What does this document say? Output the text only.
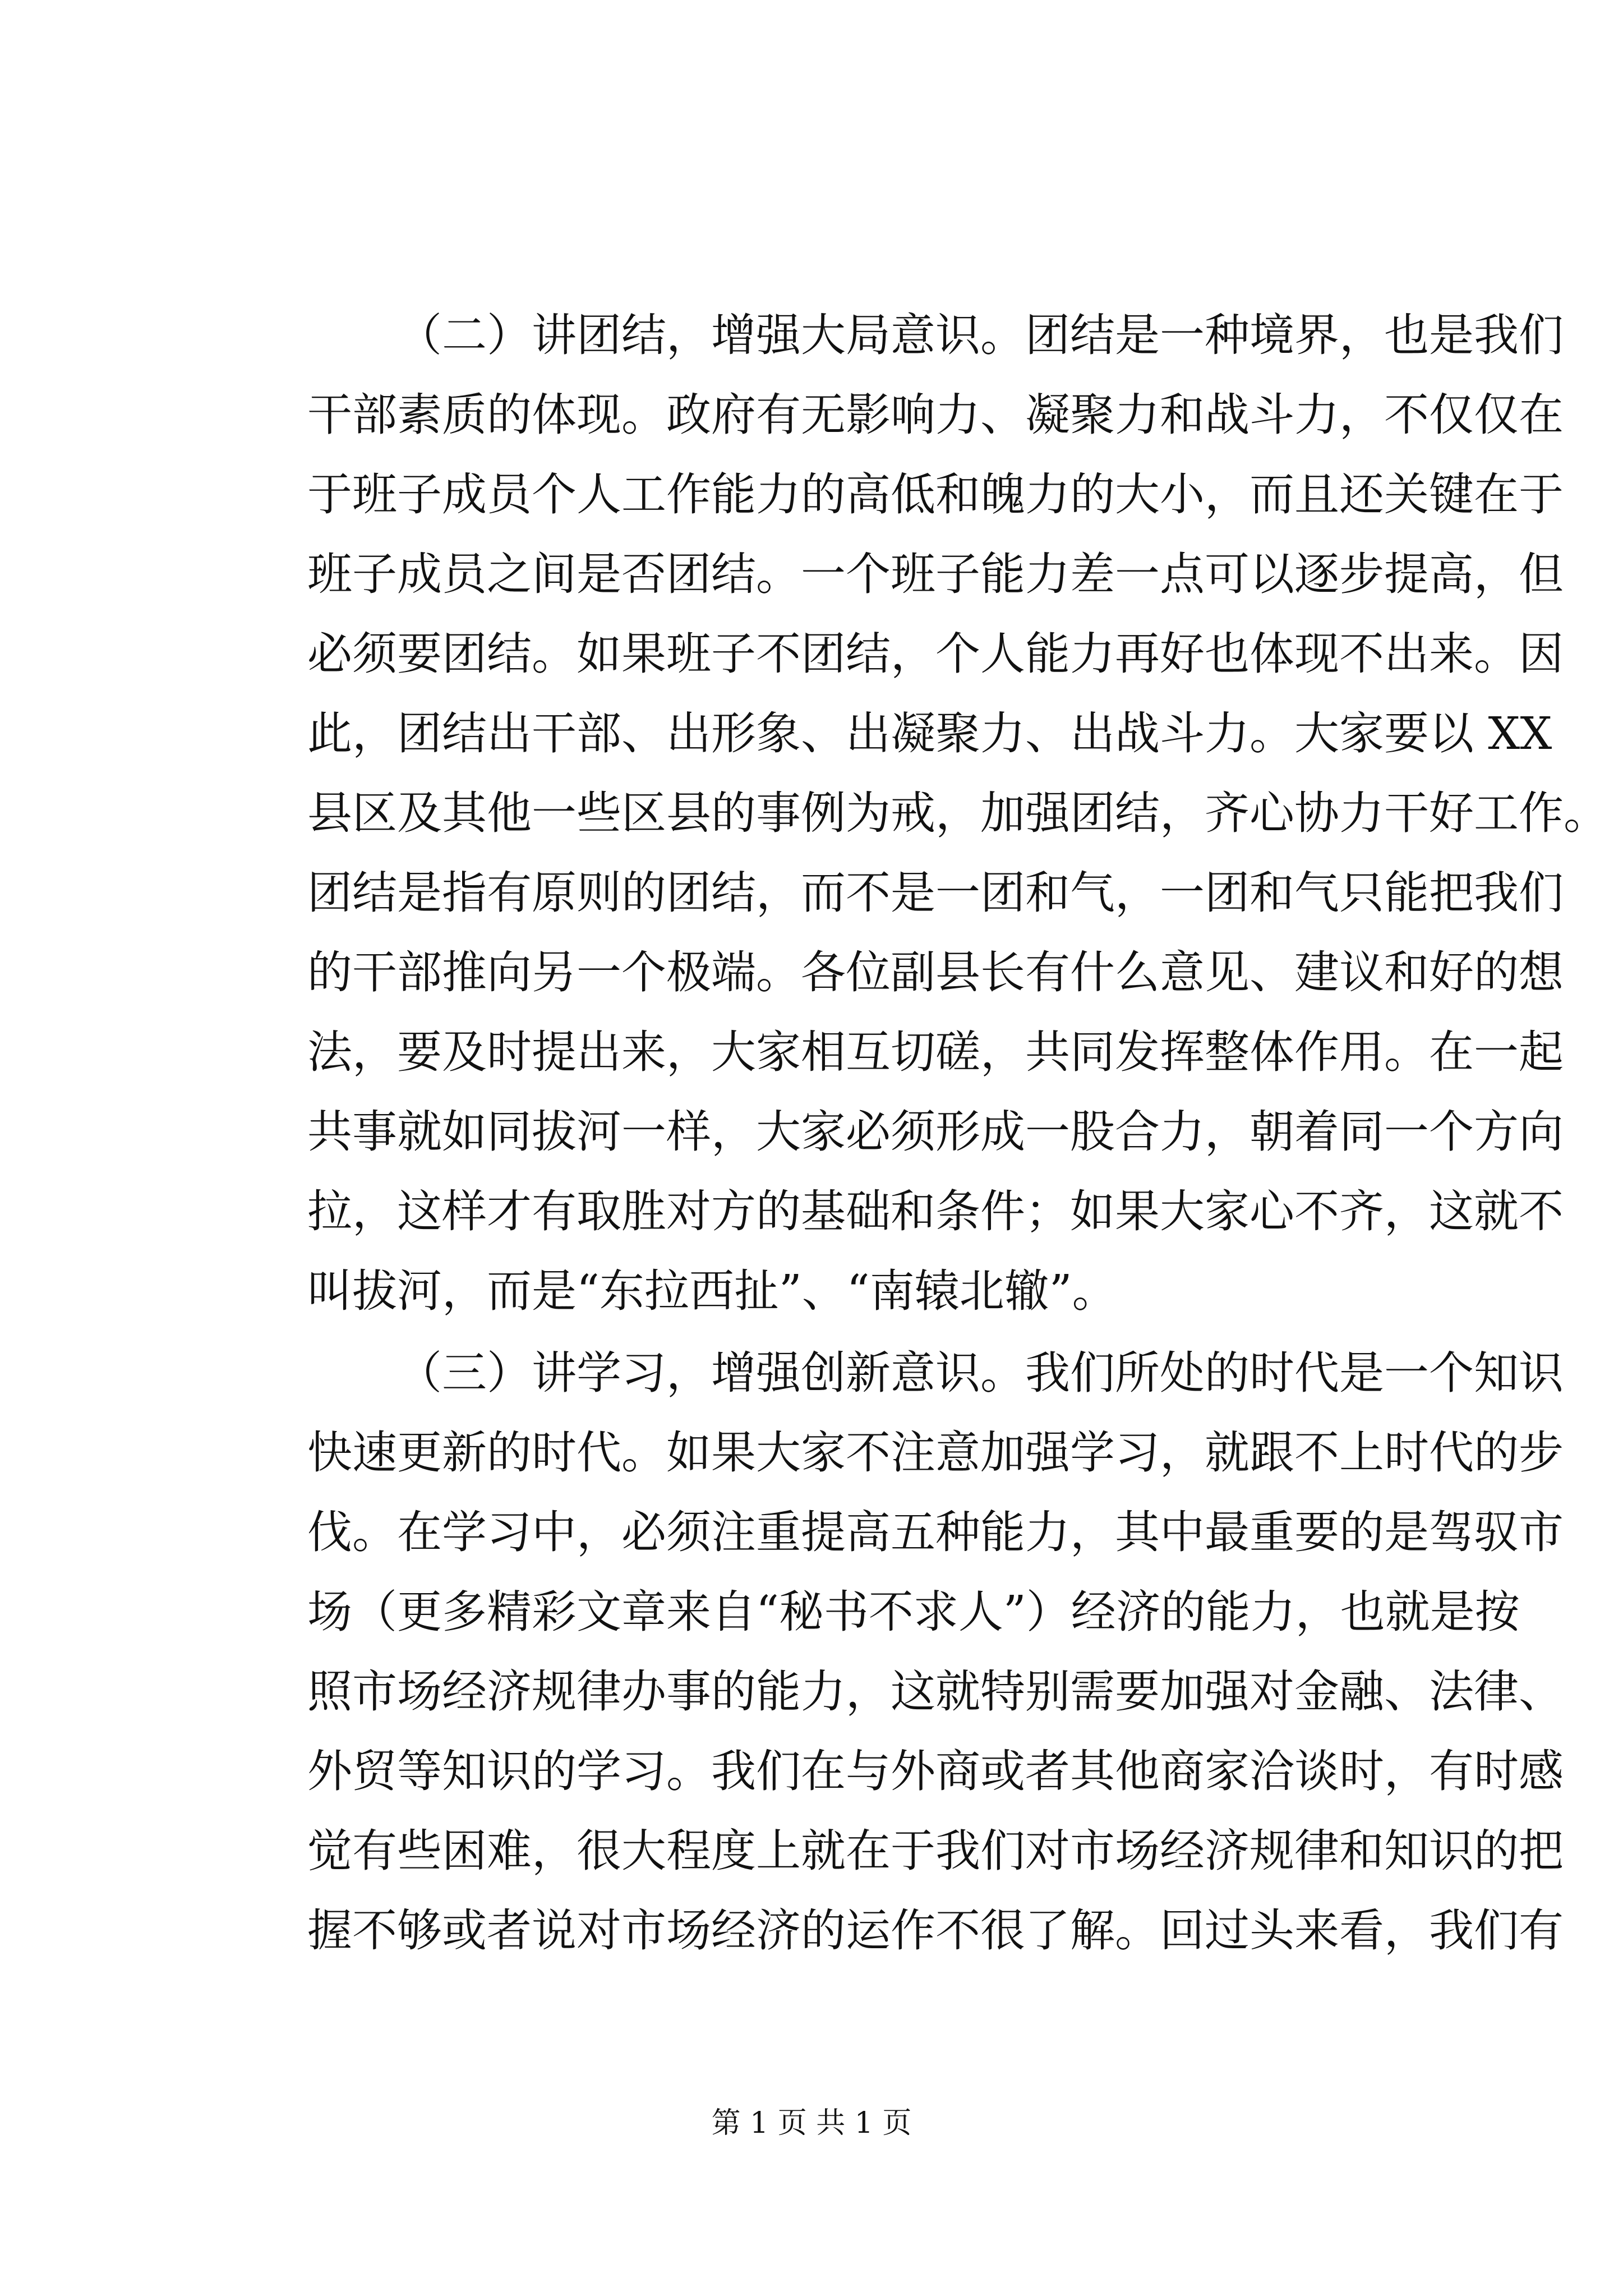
（二）讲团结，增强大局意识。团结是一种境界，也是我们
干部素质的体现。政府有无影响力、凝聚力和战斗力，不仅仅在
于班子成员个人工作能力的高低和魄力的大小，而且还关键在于
班子成员之间是否团结。一个班子能力差一点可以逐步提高，但
必须要团结。如果班子不团结，个人能力再好也体现不出来。因
此，团结出干部、出形象、出凝聚力、出战斗力。大家要以 XX
县区及其他一些区县的事例为戒，加强团结，齐心协力干好工作。
团结是指有原则的团结，而不是一团和气，一团和气只能把我们
的干部推向另一个极端。各位副县长有什么意见、建议和好的想
法，要及时提出来，大家相互切磋，共同发挥整体作用。在一起
共事就如同拔河一样，大家必须形成一股合力，朝着同一个方向
拉，这样才有取胜对方的基础和条件；如果大家心不齐，这就不
叫拔河，而是“东拉西扯”、“南辕北辙”。
（三）讲学习，增强创新意识。我们所处的时代是一个知识
快速更新的时代。如果大家不注意加强学习，就跟不上时代的步
伐。在学习中，必须注重提高五种能力，其中最重要的是驾驭市
场（更多精彩文章来自“秘书不求人”）经济的能力，也就是按
照市场经济规律办事的能力，这就特别需要加强对金融、法律、
外贸等知识的学习。我们在与外商或者其他商家洽谈时，有时感
觉有些困难，很大程度上就在于我们对市场经济规律和知识的把
握不够或者说对市场经济的运作不很了解。回过头来看，我们有
第 1 页 共 1 页
